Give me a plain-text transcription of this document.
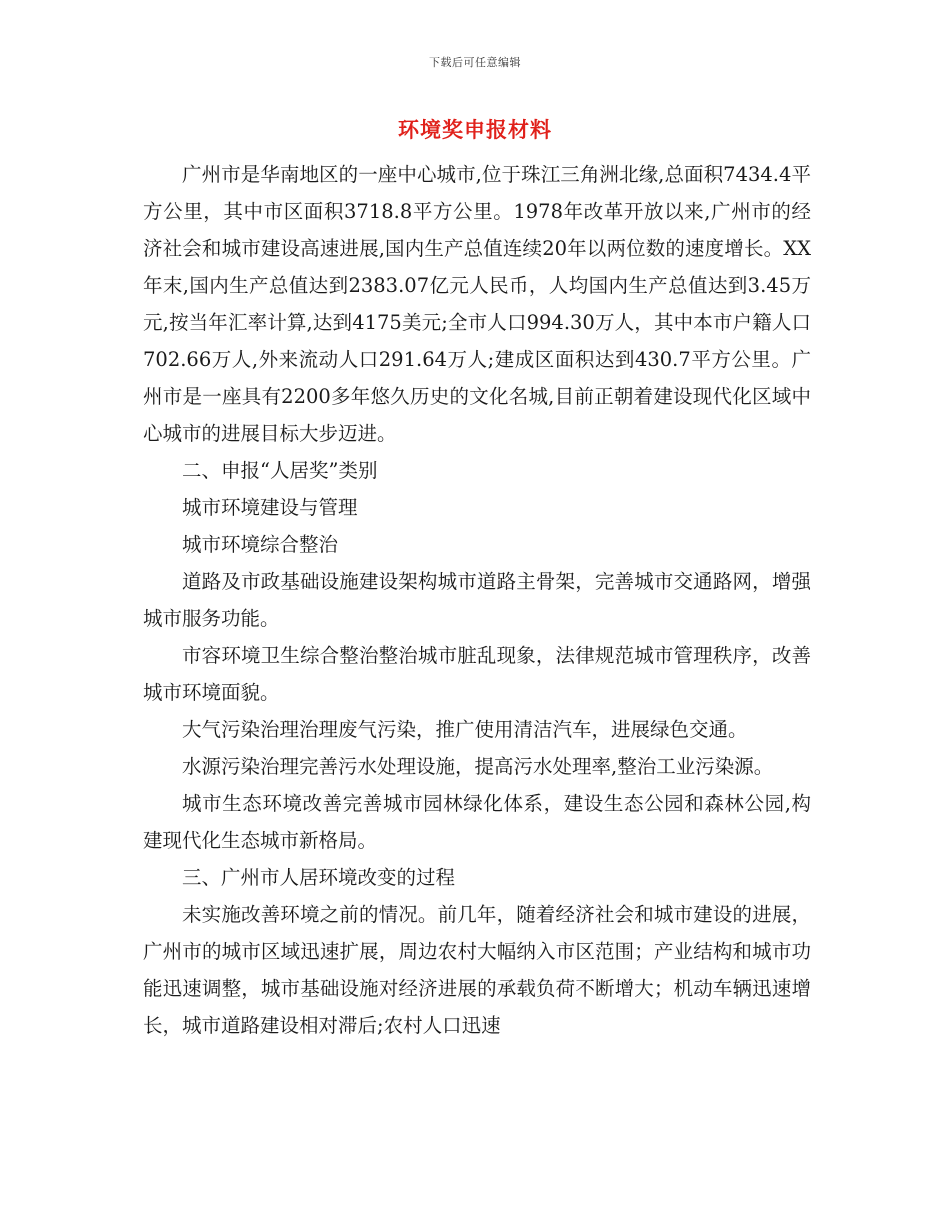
下载后可任意编辑
环境奖申报材料

广州市是华南地区的一座中心城市,位于珠江三角洲北缘,总面积7434.4平方公里，其中市区面积3718.8平方公里。1978年改革开放以来,广州市的经济社会和城市建设高速进展,国内生产总值连续20年以两位数的速度增长。XX年末,国内生产总值达到2383.07亿元人民币，人均国内生产总值达到3.45万元,按当年汇率计算,达到4175美元;全市人口994.30万人，其中本市户籍人口702.66万人,外来流动人口291.64万人;建成区面积达到430.7平方公里。广州市是一座具有2200多年悠久历史的文化名城,目前正朝着建设现代化区域中心城市的进展目标大步迈进。

二、申报“人居奖”类别

城市环境建设与管理

城市环境综合整治

道路及市政基础设施建设架构城市道路主骨架，完善城市交通路网，增强城市服务功能。

市容环境卫生综合整治整治城市脏乱现象，法律规范城市管理秩序，改善城市环境面貌。

大气污染治理治理废气污染，推广使用清洁汽车，进展绿色交通。

水源污染治理完善污水处理设施，提高污水处理率,整治工业污染源。

城市生态环境改善完善城市园林绿化体系，建设生态公园和森林公园,构建现代化生态城市新格局。

三、广州市人居环境改变的过程

未实施改善环境之前的情况。前几年，随着经济社会和城市建设的进展，广州市的城市区域迅速扩展，周边农村大幅纳入市区范围；产业结构和城市功能迅速调整，城市基础设施对经济进展的承载负荷不断增大；机动车辆迅速增长，城市道路建设相对滞后;农村人口迅速
